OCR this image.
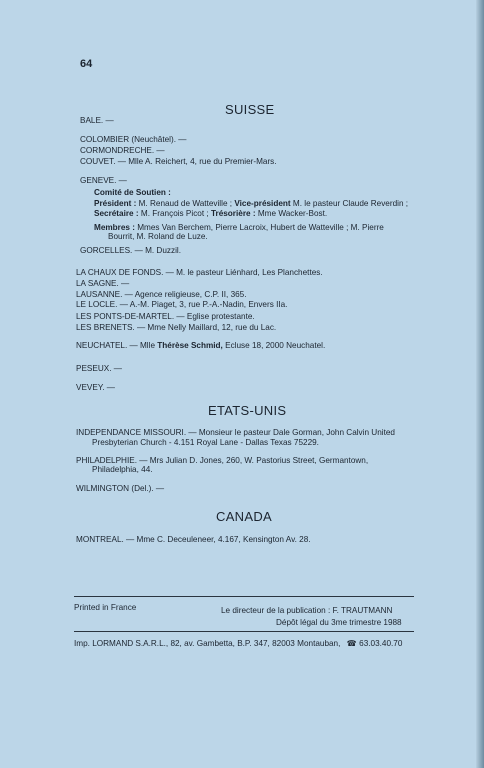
64
SUISSE
BALE. —
COLOMBIER (Neuchâtel). —
CORMONDRECHE. —
COUVET. — Mlle A. Reichert, 4, rue du Premier-Mars.
GENEVE. —
Comité de Soutien :
Président : M. Renaud de Watteville ; Vice-président M. le pasteur Claude Reverdin ;
Secrétaire : M. François Picot ; Trésorière : Mme Wacker-Bost.
Membres : Mmes Van Berchem, Pierre Lacroix, Hubert de Watteville ; M. Pierre
Bourrit, M. Roland de Luze.
GORCELLES. — M. Duzzil.
LA CHAUX DE FONDS. — M. le pasteur Liénhard, Les Planchettes.
LA SAGNE. —
LAUSANNE. — Agence religieuse, C.P. II, 365.
LE LOCLE. — A.-M. Piaget, 3, rue P.-A.-Nadin, Envers IIa.
LES PONTS-DE-MARTEL. — Eglise protestante.
LES BRENETS. — Mme Nelly Maillard, 12, rue du Lac.
NEUCHATEL. — Mlle Thérèse Schmid, Ecluse 18, 2000 Neuchatel.
PESEUX. —
VEVEY. —
ETATS-UNIS
INDEPENDANCE MISSOURI. — Monsieur le pasteur Dale Gorman, John Calvin United
Presbyterian Church - 4.151 Royal Lane - Dallas Texas 75229.
PHILADELPHIE. — Mrs Julian D. Jones, 260, W. Pastorius Street, Germantown,
Philadelphia, 44.
WILMINGTON (Del.). —
CANADA
MONTREAL. — Mme C. Deceuleneer, 4.167, Kensington Av. 28.
Printed in France	Le directeur de la publication : F. TRAUTMANN
Dépôt légal du 3me trimestre 1988
Imp. LORMAND S.A.R.L., 82, av. Gambetta, B.P. 347, 82003 Montauban, ☎ 63.03.40.70
